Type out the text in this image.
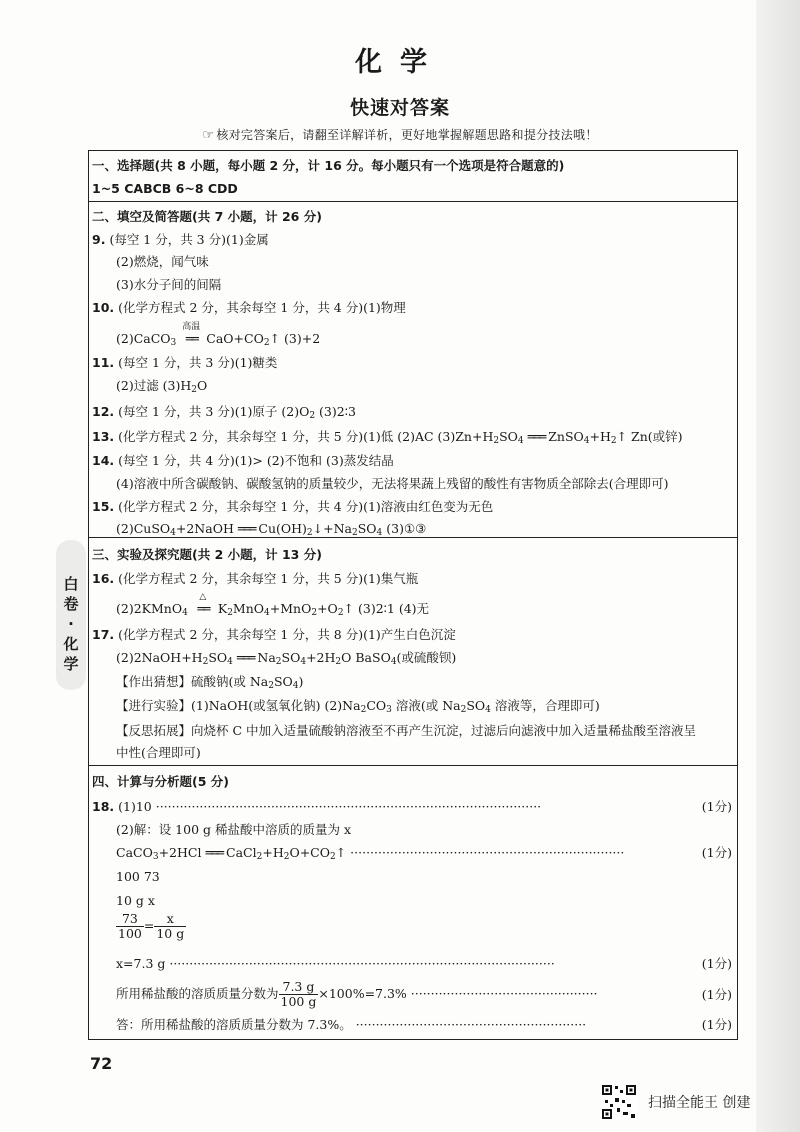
化学
快速对答案
☞ 核对完答案后，请翻至详解详析，更好地掌握解题思路和提分技法哦！
一、选择题(共 8 小题，每小题 2 分，计 16 分。每小题只有一个选项是符合题意的)
1~5 CABCB 6~8 CDD
二、填空及简答题(共 7 小题，计 26 分)
9. (每空 1 分，共 3 分)(1)金属
(2)燃烧，闻气味
(3)水分子间的间隔
10. (化学方程式 2 分，其余每空 1 分，共 4 分)(1)物理
(2)CaCO$_3$
高温
══ $CaO+CO_2↑$ (3)+2
11. (每空 1 分，共 3 分)(1)糖类
(2)过滤 $(3)H_2O$
12. (每空 1 分，共 3 分)(1)原子 $(2)O_2$ (3)2∶3
13. (化学方程式 2 分，其余每空 1 分，共 5 分)(1)低 (2)AC $(3)Zn+H_2SO_4$ ═══ $ZnSO_4+H_2↑$ Zn(或锌)
14. (每空 1 分，共 4 分)(1)> (2)不饱和 (3)蒸发结晶
(4)溶液中所含碳酸钠、碳酸氢钠的质量较少，无法将果蔬上残留的酸性有害物质全部除去(合理即可)
15. (化学方程式 2 分，其余每空 1 分，共 4 分)(1)溶液由红色变为无色
(2)CuSO$_4$+2NaOH ═══ $Cu(OH)_2↓+Na_2SO_4$ (3)①③
三、实验及探究题(共 2 小题，计 13 分)
16. (化学方程式 2 分，其余每空 1 分，共 5 分)(1)集气瓶
(2)2KMnO$_4$
△
══ $K_2MnO_4+MnO_2+O_2↑$ (3)2∶1 (4)无
17. (化学方程式 2 分，其余每空 1 分，共 8 分)(1)产生白色沉淀
$(2)2NaOH+H_2SO_4$ ═══ $Na_2SO_4+2H_2O$ BaSO$_4$(或硫酸钡)
【作出猜想】硫酸钠(或 $Na_2SO_4$)
【进行实验】(1)NaOH(或氢氧化钠) $(2)Na_2CO_3$ 溶液(或 $Na_2SO_4$ 溶液等，合理即可)
【反思拓展】向烧杯 C 中加入适量硫酸钠溶液至不再产生沉淀，过滤后向滤液中加入适量稀盐酸至溶液呈
中性(合理即可)
四、计算与分析题(5 分)
18. (1)10 ·································································································	(1分)
(2)解：设 100 g 稀盐酸中溶质的质量为 x
CaCO$_3$+2HCl ═══ $CaCl_2+H_2O+CO_2↑$ ·····································································	(1分)
100 73
10 g x
$\frac{73}{100} = \frac{x}{10 g}$
x=7.3 g ·································································································	(1分)
所用稀盐酸的溶质质量分数为 $\frac{7.3 g}{100 g} \times 100\%=7.3\%$ ···············································	(1分)
答：所用稀盐酸的溶质质量分数为 7.3%。 ··························································	(1分)
白卷
·
化学
72
扫描全能王 创建
